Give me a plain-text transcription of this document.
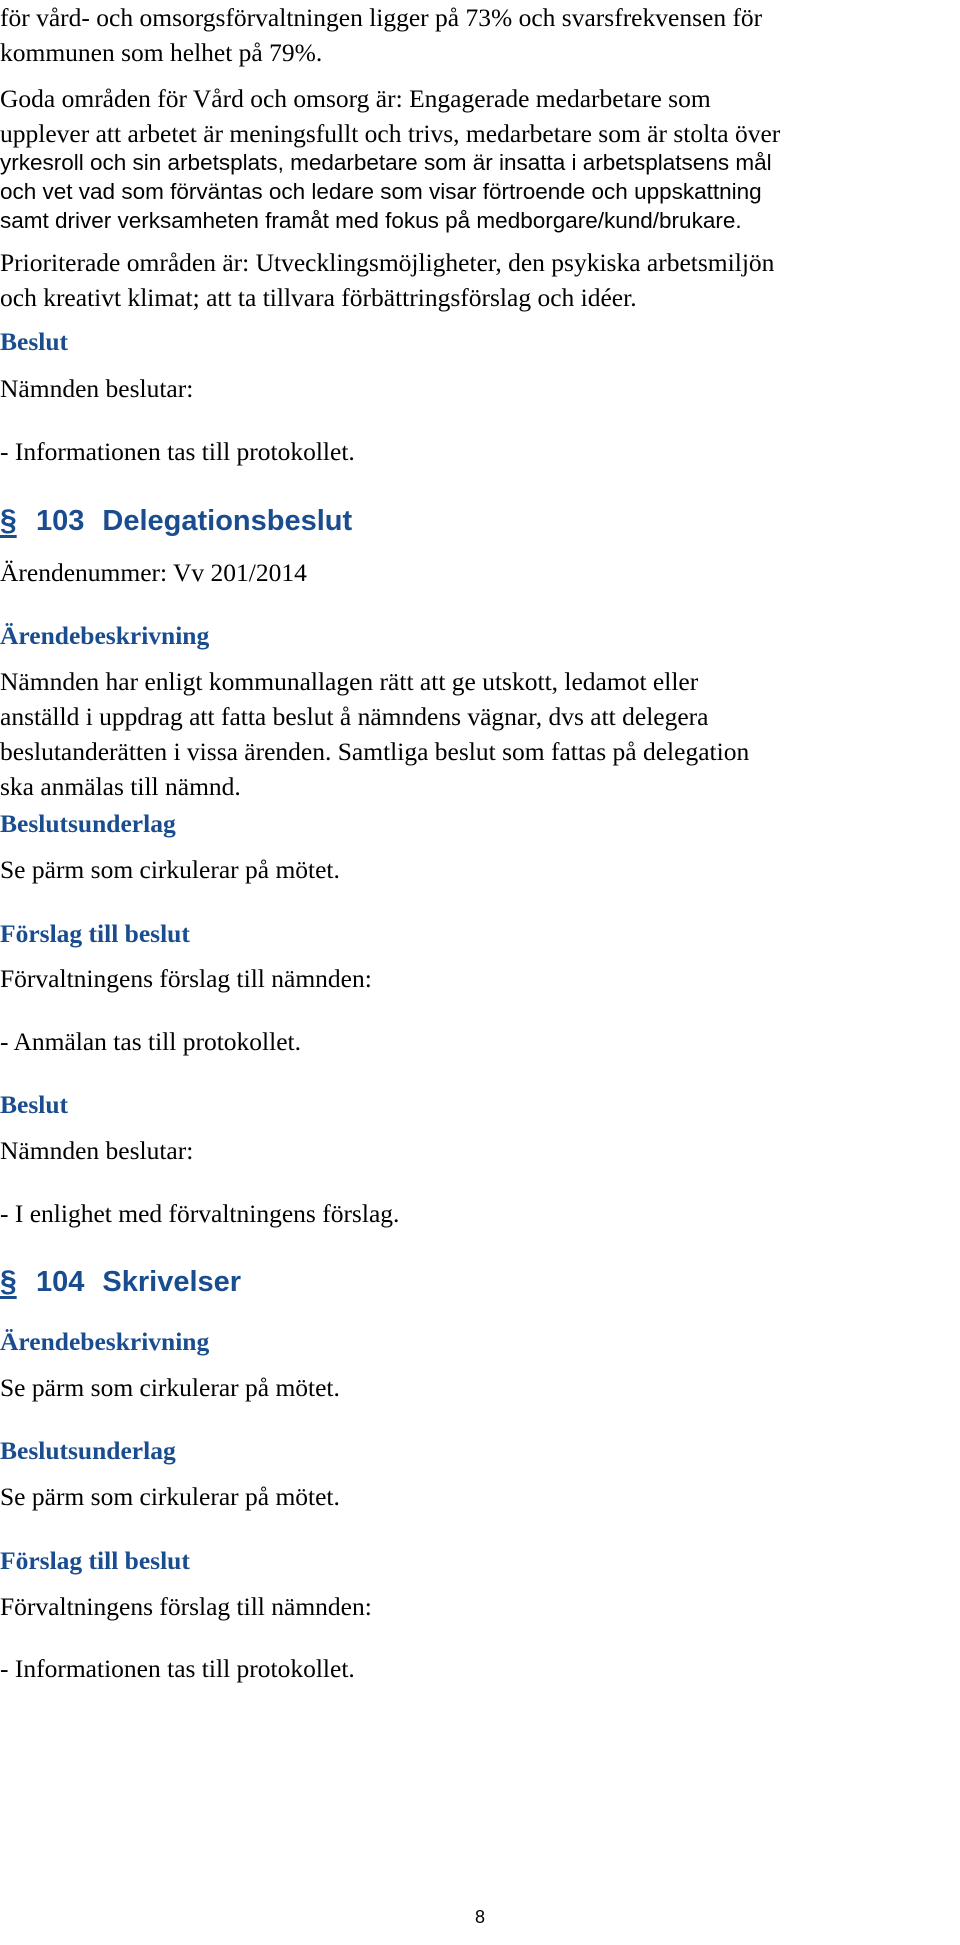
för vård- och omsorgsförvaltningen ligger på 73% och svarsfrekvensen för
kommunen som helhet på 79%.
Goda områden för Vård och omsorg är: Engagerade medarbetare som
upplever att arbetet är meningsfullt och trivs, medarbetare som är stolta över
yrkesroll och sin arbetsplats, medarbetare som är insatta i arbetsplatsens mål
och vet vad som förväntas och ledare som visar förtroende och uppskattning
samt driver verksamheten framåt med fokus på medborgare/kund/brukare.
Prioriterade områden är: Utvecklingsmöjligheter, den psykiska arbetsmiljön
och kreativt klimat; att ta tillvara förbättringsförslag och idéer.
Beslut
Nämnden beslutar:
- Informationen tas till protokollet.
§ 103 Delegationsbeslut
Ärendenummer: Vv 201/2014
Ärendebeskrivning
Nämnden har enligt kommunallagen rätt att ge utskott, ledamot eller
anställd i uppdrag att fatta beslut å nämndens vägnar, dvs att delegera
beslutanderätten i vissa ärenden. Samtliga beslut som fattas på delegation
ska anmälas till nämnd.
Beslutsunderlag
Se pärm som cirkulerar på mötet.
Förslag till beslut
Förvaltningens förslag till nämnden:
- Anmälan tas till protokollet.
Beslut
Nämnden beslutar:
- I enlighet med förvaltningens förslag.
§ 104 Skrivelser
Ärendebeskrivning
Se pärm som cirkulerar på mötet.
Beslutsunderlag
Se pärm som cirkulerar på mötet.
Förslag till beslut
Förvaltningens förslag till nämnden:
- Informationen tas till protokollet.
8
